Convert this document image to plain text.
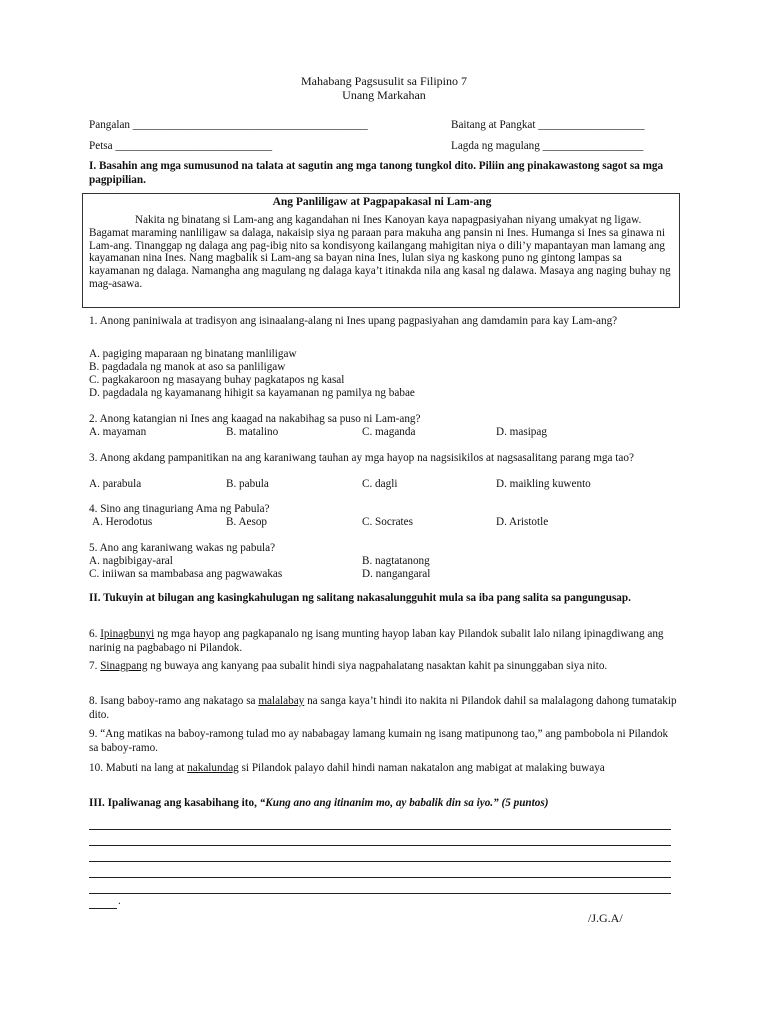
Mahabang Pagsusulit sa Filipino 7
Unang Markahan
Pangalan __________________________________________	Baitang at Pangkat ___________________
Petsa ____________________________	Lagda ng magulang __________________
I. Basahin ang mga sumusunod na talata at sagutin ang mga tanong tungkol dito. Piliin ang pinakawastong sagot sa mga pagpipilian.
Ang Panliligaw at Pagpapakasal ni Lam-ang
Nakita ng binatang si Lam-ang ang kagandahan ni Ines Kanoyan kaya napagpasiyahan niyang umakyat ng ligaw. Bagamat maraming nanliligaw sa dalaga, nakaisip siya ng paraan para makuha ang pansin ni Ines. Humanga si Ines sa ginawa ni Lam-ang. Tinanggap ng dalaga ang pag-ibig nito sa kondisyong kailangang mahigitan niya o dili’y mapantayan man lamang ang kayamanan nina Ines. Nang magbalik si Lam-ang sa bayan nina Ines, lulan siya ng kaskong puno ng gintong lampas sa kayamanan ng dalaga. Namangha ang magulang ng dalaga kaya’t itinakda nila ang kasal ng dalawa. Masaya ang naging buhay ng mag-asawa.
1. Anong paniniwala at tradisyon ang isinaalang-alang ni Ines upang pagpasiyahan ang damdamin para kay Lam-ang?
A. pagiging maparaan ng binatang manliligaw
B. pagdadala ng manok at aso sa panliligaw
C. pagkakaroon ng masayang buhay pagkatapos ng kasal
D. pagdadala ng kayamanang hihigit sa kayamanan ng pamilya ng babae
2. Anong katangian ni Ines ang kaagad na nakabihag sa puso ni Lam-ang?
A. mayaman	B. matalino	C. maganda	D. masipag
3. Anong akdang pampanitikan na ang karaniwang tauhan ay mga hayop na nagsisikilos at nagsasalitang parang mga tao?
A. parabula	B. pabula	C. dagli	D. maikling kuwento
4. Sino ang tinaguriang Ama ng Pabula?
A. Herodotus	B. Aesop	C. Socrates	D. Aristotle
5. Ano ang karaniwang wakas ng pabula?
A. nagbibigay-aral	B. nagtatanong
C. iniiwan sa mambabasa ang pagwawakas	D. nangangaral
II. Tukuyin at bilugan ang kasingkahulugan ng salitang nakasalungguhit mula sa iba pang salita sa pangungusap.
6. Ipinagbunyi ng mga hayop ang pagkapanalo ng isang munting hayop laban kay Pilandok subalit lalo nilang ipinagdiwang ang narinig na pagbabago ni Pilandok.
7. Sinagpang ng buwaya ang kanyang paa subalit hindi siya nagpahalatang nasaktan kahit pa sinunggaban siya nito.
8. Isang baboy-ramo ang nakatago sa malalabay na sanga kaya’t hindi ito nakita ni Pilandok dahil sa malalagong dahong tumatakip dito.
9. “Ang matikas na baboy-ramong tulad mo ay nababagay lamang kumain ng isang matipunong tao,” ang pambobola ni Pilandok sa baboy-ramo.
10. Mabuti na lang at nakalundag si Pilandok palayo dahil hindi naman nakatalon ang mabigat at malaking buwaya
III. Ipaliwanag ang kasabihang ito, “Kung ano ang itinanim mo, ay babalik din sa iyo.” (5 puntos)
.
/J.G.A/
